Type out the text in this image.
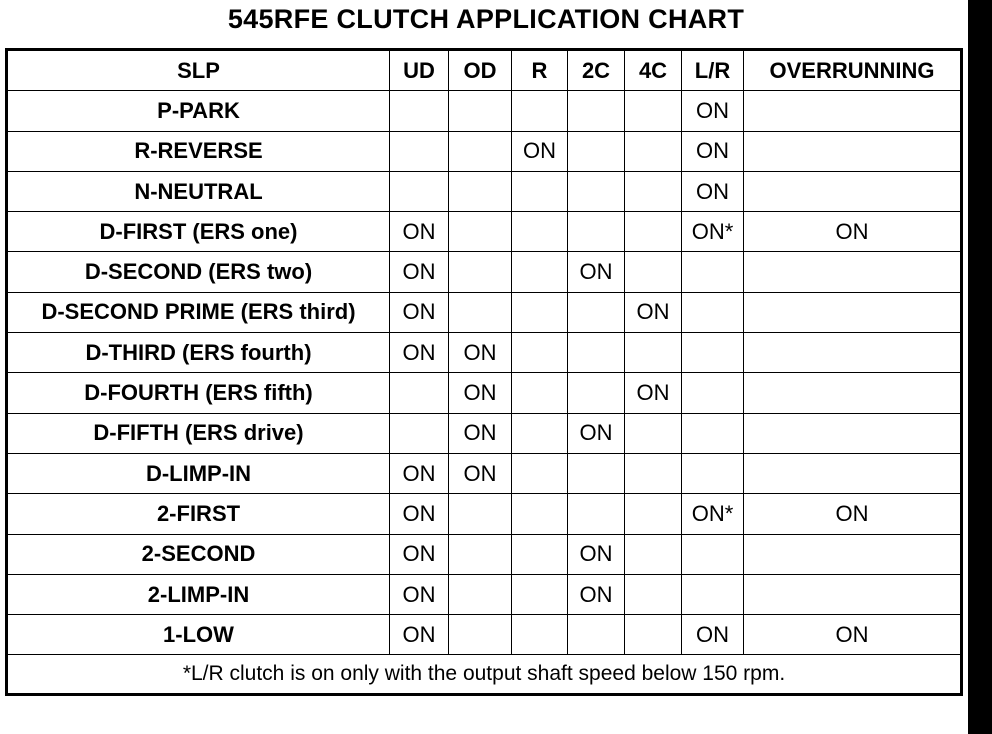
545RFE CLUTCH APPLICATION CHART
SLP	UD	OD	R	2C	4C	L/R	OVERRUNNING
P-PARK						ON	
R-REVERSE			ON			ON	
N-NEUTRAL						ON	
D-FIRST (ERS one)	ON					ON*	ON
D-SECOND (ERS two)	ON			ON			
D-SECOND PRIME (ERS third)	ON				ON		
D-THIRD (ERS fourth)	ON	ON					
D-FOURTH (ERS fifth)		ON			ON		
D-FIFTH (ERS drive)		ON		ON			
D-LIMP-IN	ON	ON					
2-FIRST	ON					ON*	ON
2-SECOND	ON			ON			
2-LIMP-IN	ON			ON			
1-LOW	ON					ON	ON
*L/R clutch is on only with the output shaft speed below 150 rpm.							
